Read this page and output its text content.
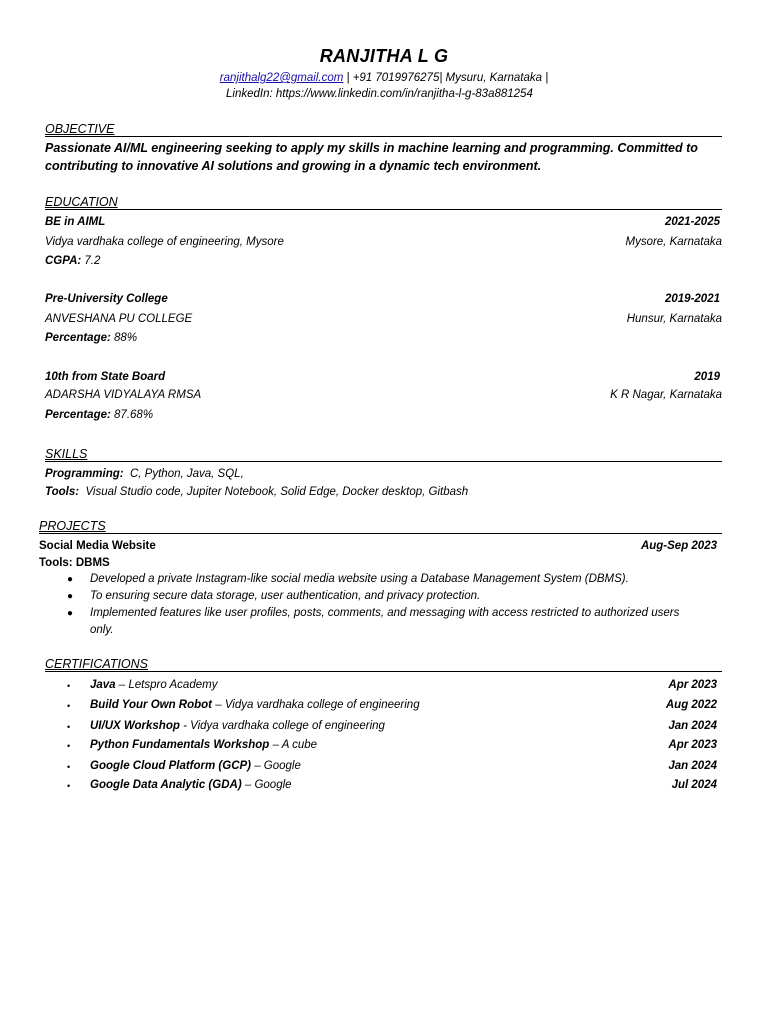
RANJITHA L G
ranjithalg22@gmail.com | +91 7019976275| Mysuru, Karnataka |
LinkedIn: https://www.linkedin.com/in/ranjitha-l-g-83a881254
OBJECTIVE
Passionate AI/ML engineering seeking to apply my skills in machine learning and programming. Committed to contributing to innovative AI solutions and growing in a dynamic tech environment.
EDUCATION
BE in AIML	2021-2025
Vidya vardhaka college of engineering, Mysore	Mysore, Karnataka
CGPA: 7.2
Pre-University College	2019-2021
ANVESHANA PU COLLEGE	Hunsur, Karnataka
Percentage: 88%
10th from State Board	2019
ADARSHA VIDYALAYA RMSA	K R Nagar, Karnataka
Percentage: 87.68%
SKILLS
Programming:  C, Python, Java, SQL,
Tools:  Visual Studio code, Jupiter Notebook, Solid Edge, Docker desktop, Gitbash
PROJECTS
Social Media Website	Aug-Sep 2023
Tools: DBMS
● Developed a private Instagram-like social media website using a Database Management System (DBMS).
● To ensuring secure data storage, user authentication, and privacy protection.
● Implemented features like user profiles, posts, comments, and messaging with access restricted to authorized users
only.
CERTIFICATIONS
• Java – Letspro Academy	Apr 2023
• Build Your Own Robot – Vidya vardhaka college of engineering	Aug 2022
• UI/UX Workshop - Vidya vardhaka college of engineering	Jan 2024
• Python Fundamentals Workshop – A cube	Apr 2023
• Google Cloud Platform (GCP) – Google	Jan 2024
• Google Data Analytic (GDA) – Google	Jul 2024
